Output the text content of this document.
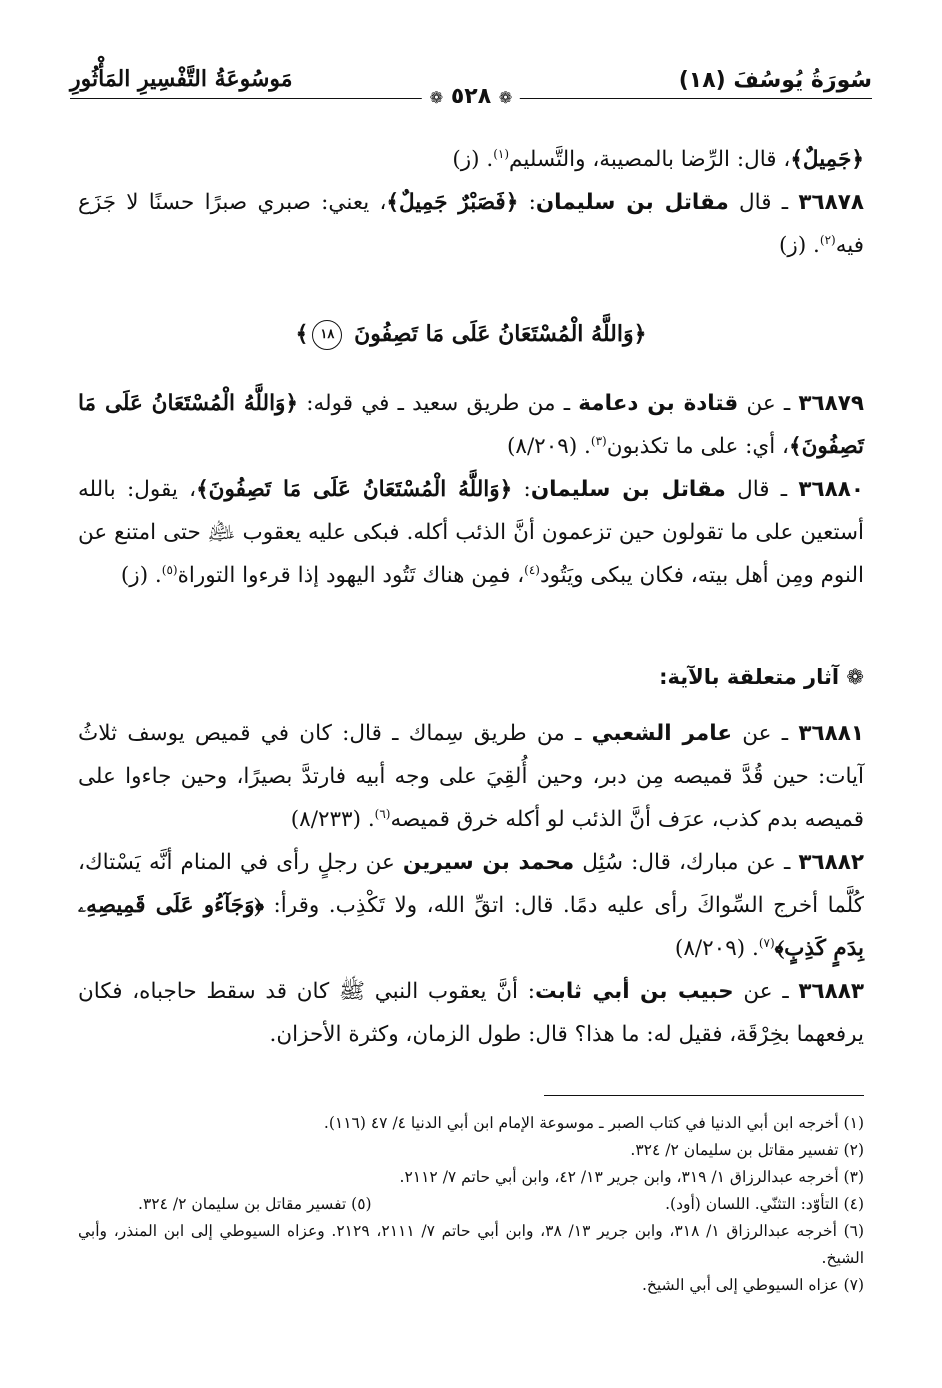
سُورَةُ يُوسُفَ (١٨)
مَوسُوعَةُ التَّفْسِيرِ المَأْثُورِ
❁ ٥٢٨ ❁

﴿جَمِيلٌ﴾، قال: الرِّضا بالمصيبة، والتَّسليم$^{(١)}$. (ز)

٣٦٨٧٨ ـ قال مقاتل بن سليمان: ﴿فَصَبْرٌ جَمِيلٌ﴾، يعني: صبري صبرًا حسنًا لا جَزَع فيه$^{(٢)}$. (ز)

﴿وَاللَّهُ الْمُسْتَعَانُ عَلَى مَا تَصِفُونَ ١٨﴾

٣٦٨٧٩ ـ عن قتادة بن دعامة ـ من طريق سعيد ـ في قوله: ﴿وَاللَّهُ الْمُسْتَعَانُ عَلَى مَا تَصِفُونَ﴾، أي: على ما تكذبون$^{(٣)}$. (٨/٢٠٩)

٣٦٨٨٠ ـ قال مقاتل بن سليمان: ﴿وَاللَّهُ الْمُسْتَعَانُ عَلَى مَا تَصِفُونَ﴾، يقول: بالله أستعين على ما تقولون حين تزعمون أنَّ الذئب أكله. فبكى عليه يعقوب ﵇ حتى امتنع عن النوم ومِن أهل بيته، فكان يبكى ويَتُود$^{(٤)}$، فمِن هناك تَتُود اليهود إذا قرءوا التوراة$^{(٥)}$. (ز)

❁ آثار متعلقة بالآية:

٣٦٨٨١ ـ عن عامر الشعبي ـ من طريق سِماك ـ قال: كان في قميص يوسف ثلاثُ آيات: حين قُدَّ قميصه مِن دبر، وحين أُلقِيَ على وجه أبيه فارتدَّ بصيرًا، وحين جاءوا على قميصه بدم كذب، عرَف أنَّ الذئب لو أكله خرق قميصه$^{(٦)}$. (٨/٢٣٣)

٣٦٨٨٢ ـ عن مبارك، قال: سُئِل محمد بن سيرين عن رجلٍ رأى في المنام أنَّه يَسْتاك، كُلَّما أخرج السِّواكَ رأى عليه دمًا. قال: اتقِّ الله، ولا تَكْذِب. وقرأ: ﴿وَجَآءُو عَلَى قَمِيصِهِۦ بِدَمٍ كَذِبٍ﴾$^{(٧)}$. (٨/٢٠٩)

٣٦٨٨٣ ـ عن حبيب بن أبي ثابت: أنَّ يعقوب النبي ﷺ كان قد سقط حاجباه، فكان يرفعهما بخِرْقَة، فقيل له: ما هذا؟ قال: طول الزمان، وكثرة الأحزان.

(١) أخرجه ابن أبي الدنيا في كتاب الصبر ـ موسوعة الإمام ابن أبي الدنيا ٤/ ٤٧ (١١٦).

(٢) تفسير مقاتل بن سليمان ٢/ ٣٢٤.

(٣) أخرجه عبدالرزاق ١/ ٣١٩، وابن جرير ١٣/ ٤٢، وابن أبي حاتم ٧/ ٢١١٢.

(٤) التأوّد: التثنّي. اللسان (أود).
(٥) تفسير مقاتل بن سليمان ٢/ ٣٢٤.

(٦) أخرجه عبدالرزاق ١/ ٣١٨، وابن جرير ١٣/ ٣٨، وابن أبي حاتم ٧/ ٢١١١، ٢١٢٩. وعزاه السيوطي إلى ابن المنذر، وأبي الشيخ.

(٧) عزاه السيوطي إلى أبي الشيخ.
